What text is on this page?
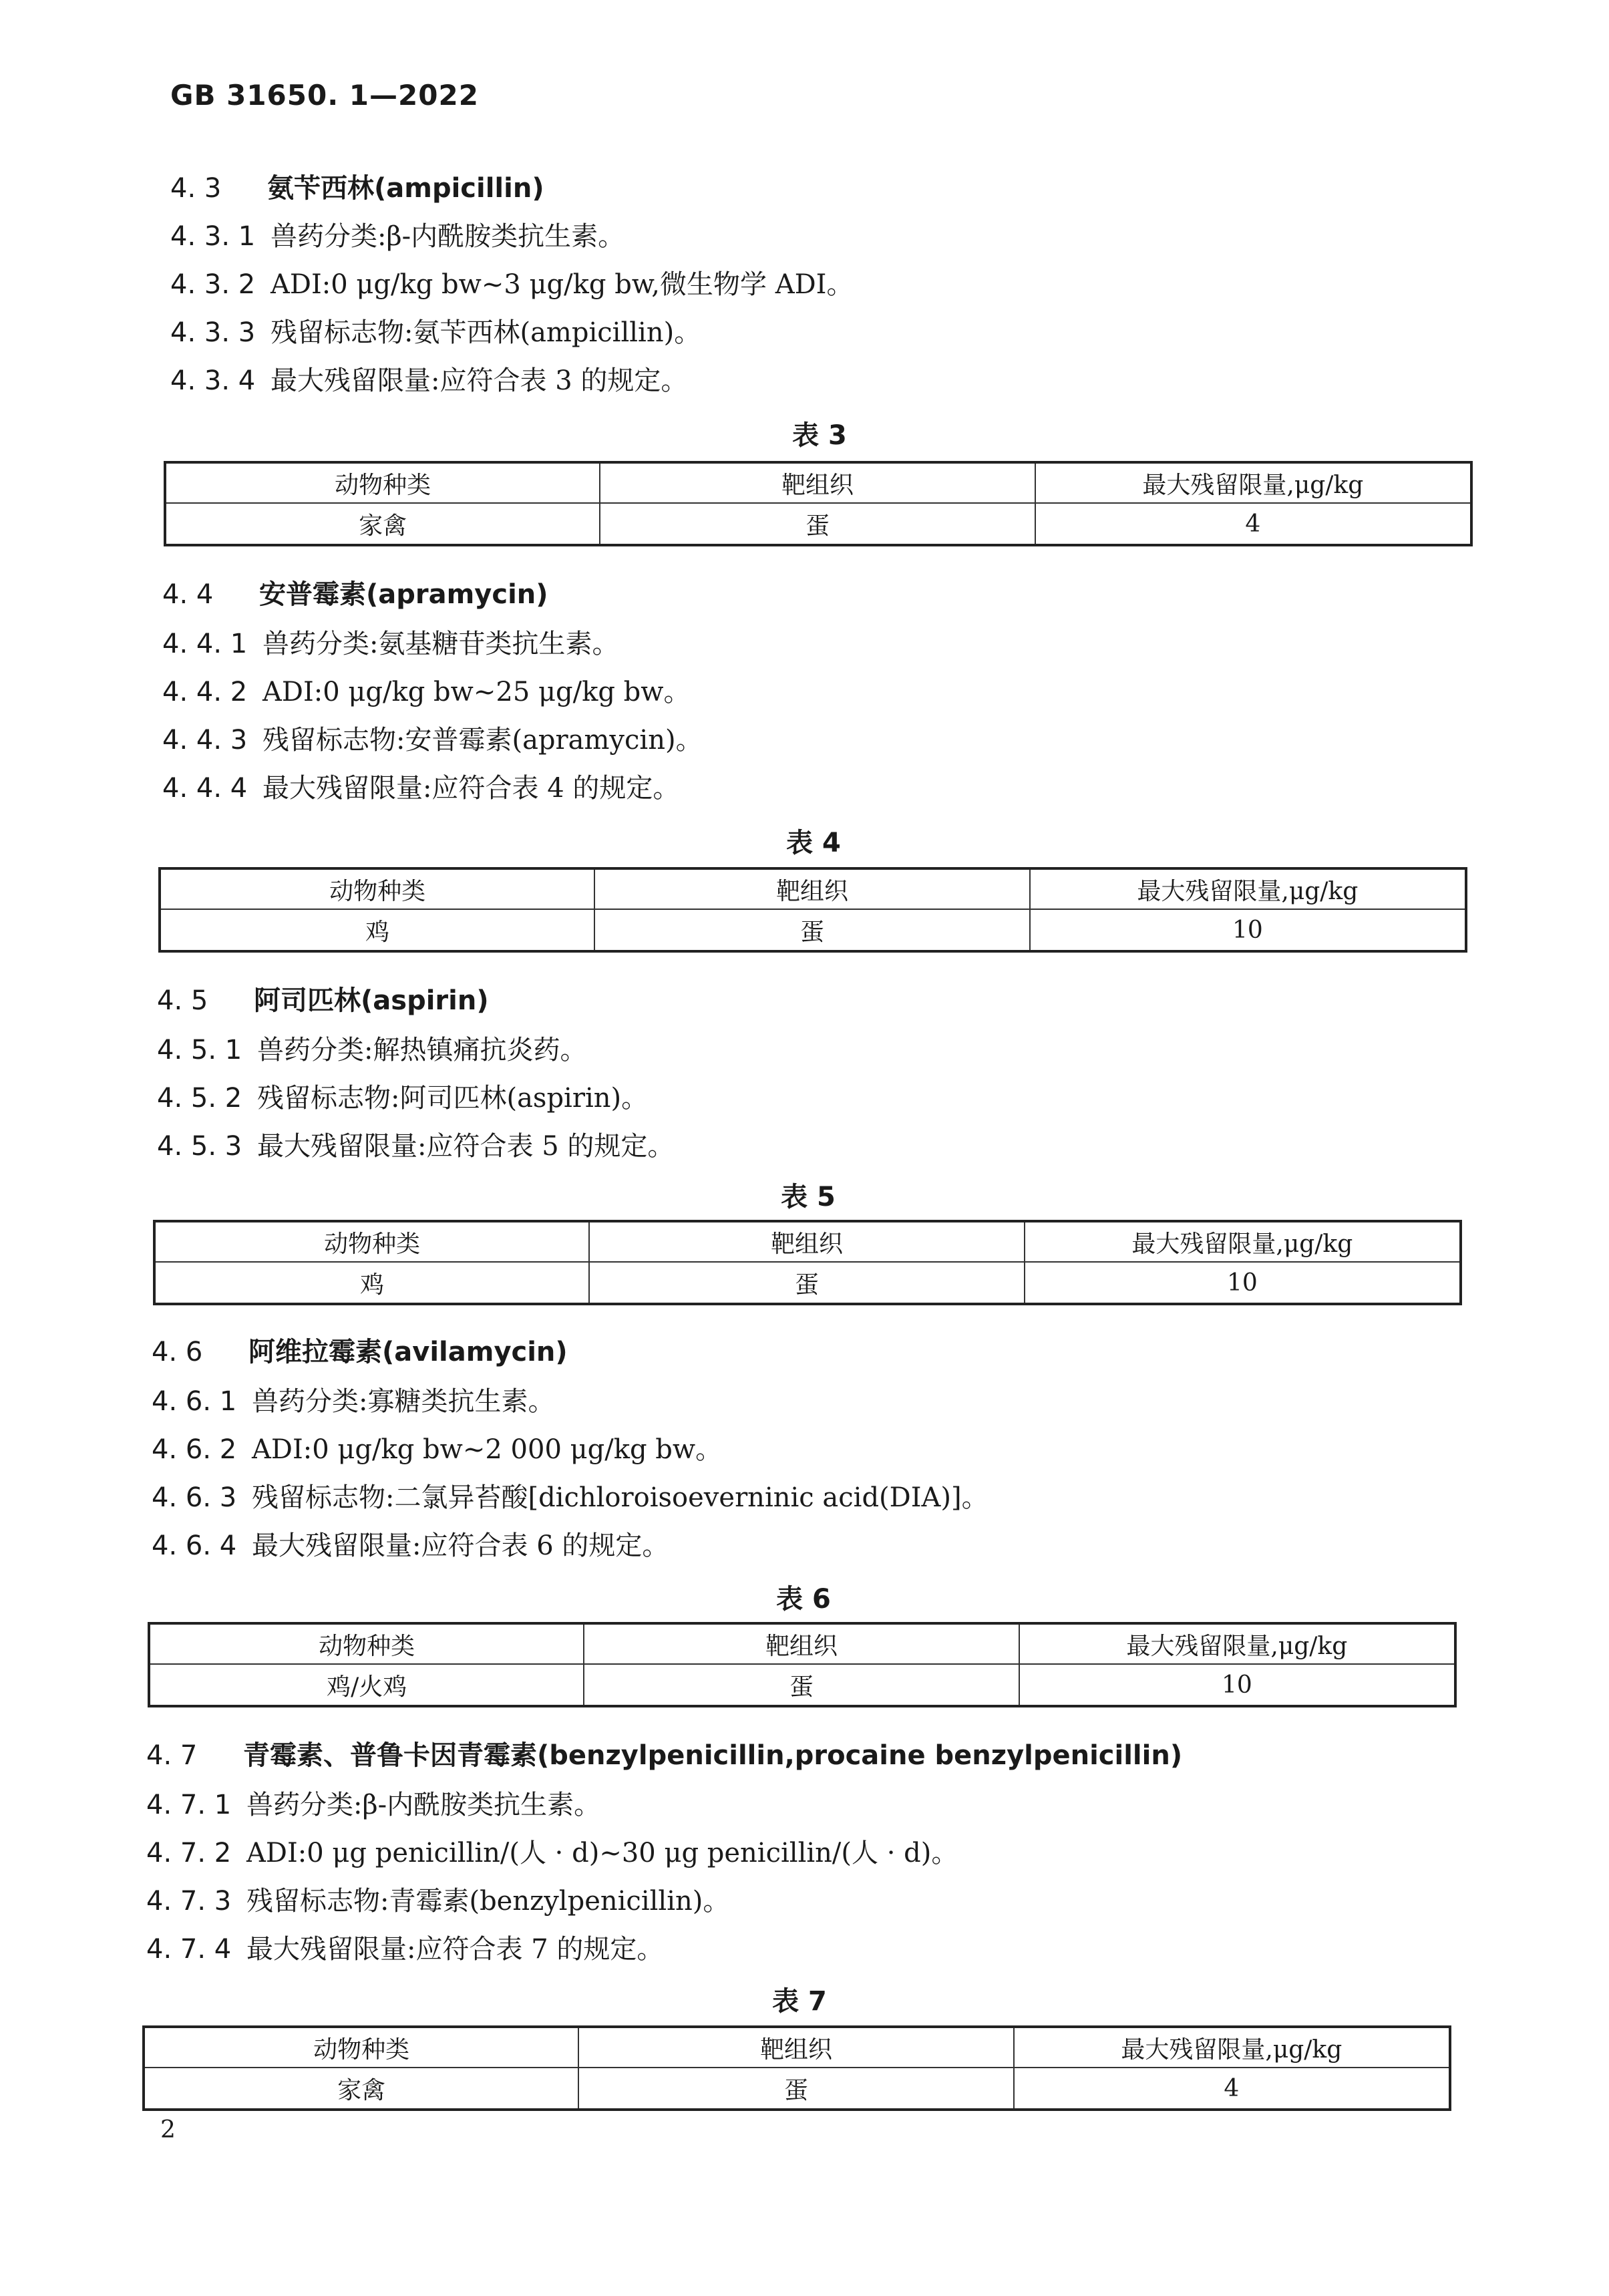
GB 31650. 1—2022
4. 3 氨苄西林(ampicillin)
4. 3. 1 兽药分类:β-内酰胺类抗生素。
4. 3. 2 ADI:0 μg/kg bw~3 μg/kg bw,微生物学 ADI。
4. 3. 3 残留标志物:氨苄西林(ampicillin)。
4. 3. 4 最大残留限量:应符合表 3 的规定。
表 3
动物种类	靶组织	最大残留限量,μg/kg
家禽	蛋	4
4. 4 安普霉素(apramycin)
4. 4. 1 兽药分类:氨基糖苷类抗生素。
4. 4. 2 ADI:0 μg/kg bw~25 μg/kg bw。
4. 4. 3 残留标志物:安普霉素(apramycin)。
4. 4. 4 最大残留限量:应符合表 4 的规定。
表 4
动物种类	靶组织	最大残留限量,μg/kg
鸡	蛋	10
4. 5 阿司匹林(aspirin)
4. 5. 1 兽药分类:解热镇痛抗炎药。
4. 5. 2 残留标志物:阿司匹林(aspirin)。
4. 5. 3 最大残留限量:应符合表 5 的规定。
表 5
动物种类	靶组织	最大残留限量,μg/kg
鸡	蛋	10
4. 6 阿维拉霉素(avilamycin)
4. 6. 1 兽药分类:寡糖类抗生素。
4. 6. 2 ADI:0 μg/kg bw~2 000 μg/kg bw。
4. 6. 3 残留标志物:二氯异苔酸[dichloroisoeverninic acid(DIA)]。
4. 6. 4 最大残留限量:应符合表 6 的规定。
表 6
动物种类	靶组织	最大残留限量,μg/kg
鸡/火鸡	蛋	10
4. 7 青霉素、普鲁卡因青霉素(benzylpenicillin,procaine benzylpenicillin)
4. 7. 1 兽药分类:β-内酰胺类抗生素。
4. 7. 2 ADI:0 μg penicillin/(人 · d)~30 μg penicillin/(人 · d)。
4. 7. 3 残留标志物:青霉素(benzylpenicillin)。
4. 7. 4 最大残留限量:应符合表 7 的规定。
表 7
动物种类	靶组织	最大残留限量,μg/kg
家禽	蛋	4
2
